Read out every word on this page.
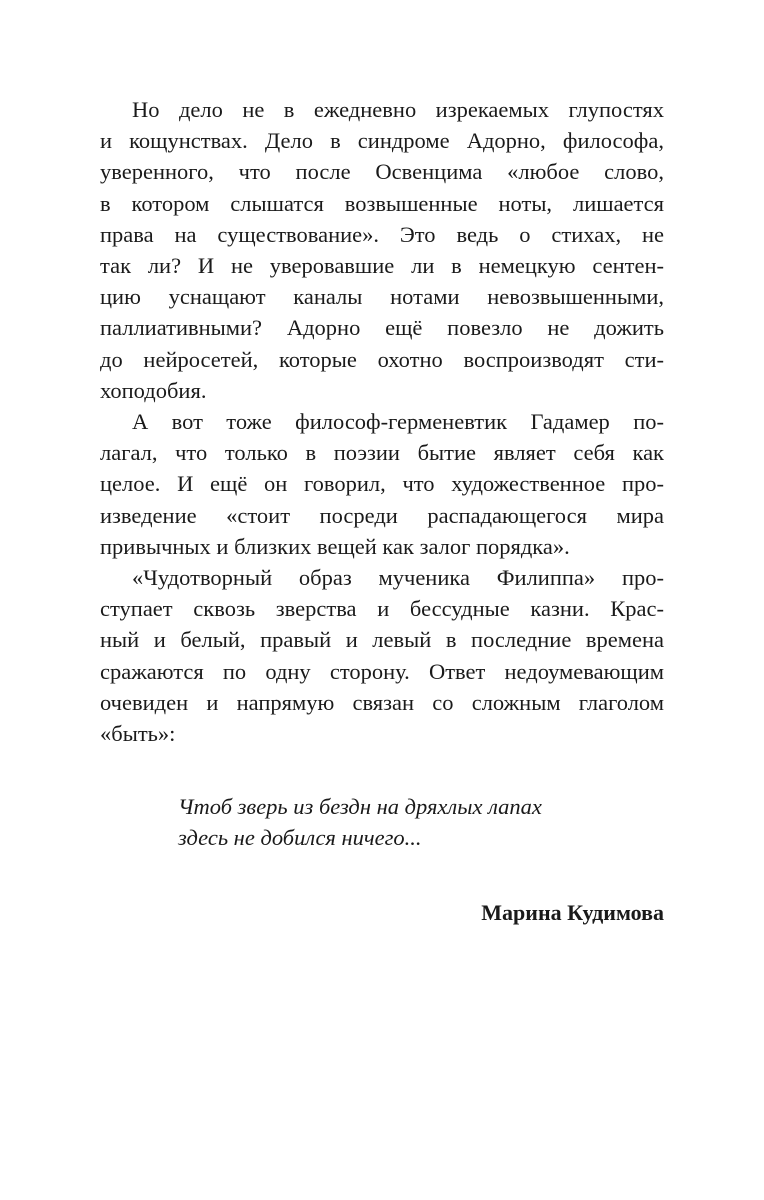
Но дело не в ежедневно изрекаемых глупостях
и кощунствах. Дело в синдроме Адорно, философа,
уверенного, что после Освенцима «любое слово,
в котором слышатся возвышенные ноты, лишается
права на существование». Это ведь о стихах, не
так ли? И не уверовавшие ли в немецкую сентен-
цию уснащают каналы нотами невозвышенными,
паллиативными? Адорно ещё повезло не дожить
до нейросетей, которые охотно воспроизводят сти-
хоподобия.

А вот тоже философ-герменевтик Гадамер по-
лагал, что только в поэзии бытие являет себя как
целое. И ещё он говорил, что художественное про-
изведение «стоит посреди распадающегося мира
привычных и близких вещей как залог порядка».

«Чудотворный образ мученика Филиппа» про-
ступает сквозь зверства и бессудные казни. Крас-
ный и белый, правый и левый в последние времена
сражаются по одну сторону. Ответ недоумевающим
очевиден и напрямую связан со сложным глаголом
«быть»:

Чтоб зверь из бездн на дряхлых лапах
здесь не добился ничего...
Марина Кудимова
